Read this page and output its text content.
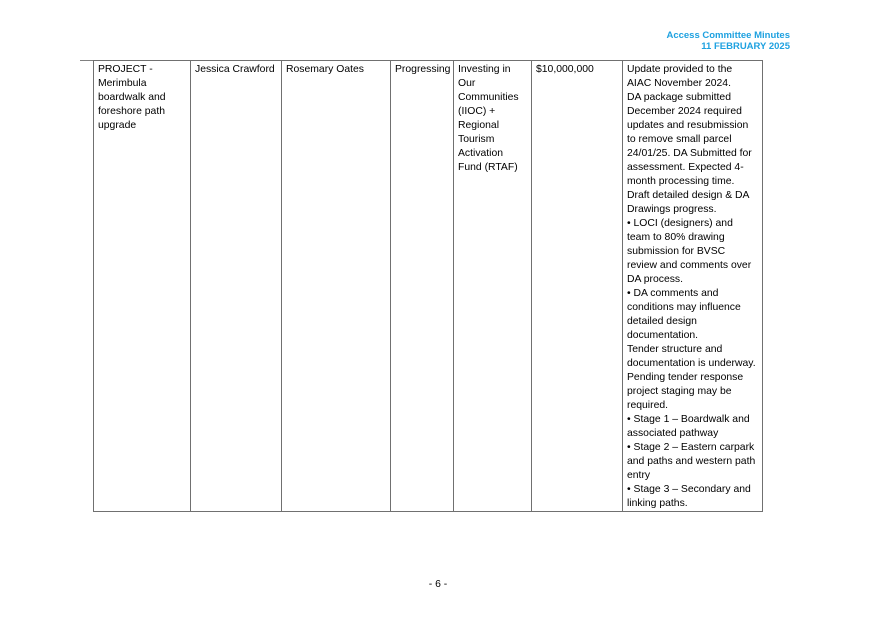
Access Committee Minutes
11 FEBRUARY 2025
PROJECT - Merimbula boardwalk and foreshore path upgrade	Jessica Crawford	Rosemary Oates	Progressing	Investing in Our Communities (IIOC) + Regional Tourism Activation Fund (RTAF)	$10,000,000	Update provided to the AIAC November 2024.
DA package submitted December 2024 required updates and resubmission to remove small parcel 24/01/25. DA Submitted for assessment. Expected 4-month processing time.
Draft detailed design & DA Drawings progress.
• LOCI (designers) and team to 80% drawing submission for BVSC review and comments over DA process.
• DA comments and conditions may influence detailed design documentation.
Tender structure and documentation is underway.
Pending tender response project staging may be required.
• Stage 1 – Boardwalk and associated pathway
• Stage 2 – Eastern carpark and paths and western path entry
• Stage 3 – Secondary and linking paths.
- 6 -
